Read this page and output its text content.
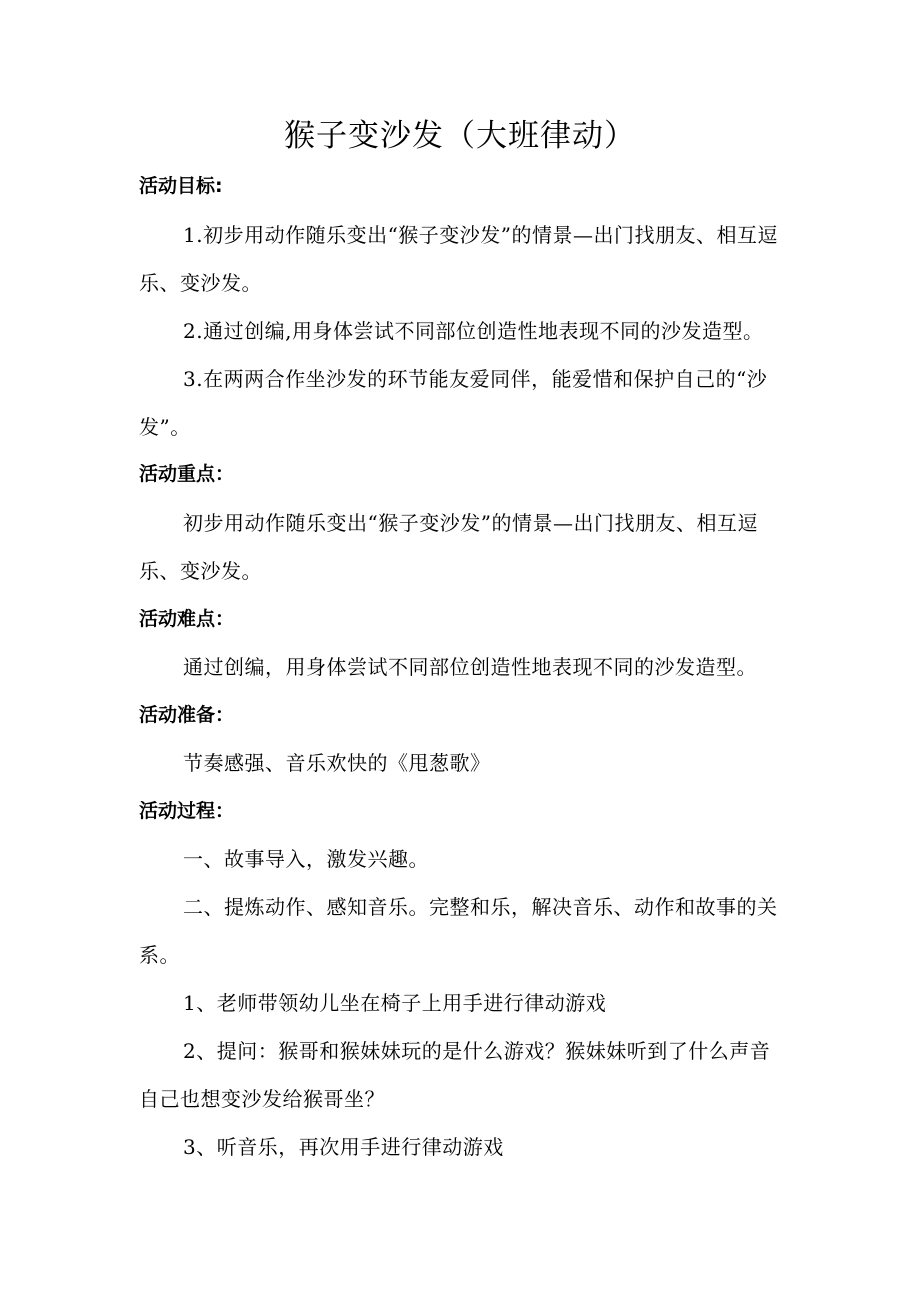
猴子变沙发（大班律动）
活动目标:

1.初步用动作随乐变出“猴子变沙发”的情景—出门找朋友、相互逗乐、变沙发。

2.通过创编,用身体尝试不同部位创造性地表现不同的沙发造型。

3.在两两合作坐沙发的环节能友爱同伴，能爱惜和保护自己的“沙发”。

活动重点：

初步用动作随乐变出“猴子变沙发”的情景—出门找朋友、相互逗乐、变沙发。

活动难点：

通过创编，用身体尝试不同部位创造性地表现不同的沙发造型。

活动准备：

节奏感强、音乐欢快的《甩葱歌》

活动过程：

一、故事导入，激发兴趣。

二、提炼动作、感知音乐。完整和乐，解决音乐、动作和故事的关系。

1、老师带领幼儿坐在椅子上用手进行律动游戏

2、提问：猴哥和猴妹妹玩的是什么游戏？猴妹妹听到了什么声音自己也想变沙发给猴哥坐？

3、听音乐，再次用手进行律动游戏
